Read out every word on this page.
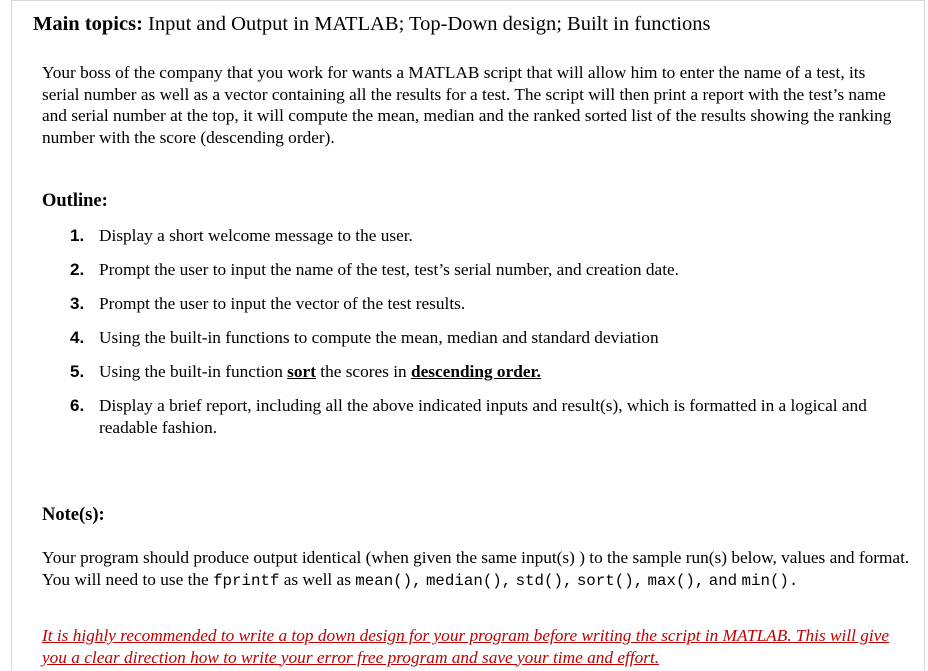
Main topics: Input and Output in MATLAB; Top-Down design; Built in functions
Your boss of the company that you work for wants a MATLAB script that will allow him to enter the name of a test, its serial number as well as a vector containing all the results for a test. The script will then print a report with the test’s name and serial number at the top, it will compute the mean, median and the ranked sorted list of the results showing the ranking number with the score (descending order).
Outline:
1. Display a short welcome message to the user.
2. Prompt the user to input the name of the test, test’s serial number, and creation date.
3. Prompt the user to input the vector of the test results.
4. Using the built-in functions to compute the mean, median and standard deviation
5. Using the built-in function sort the scores in descending order.
6. Display a brief report, including all the above indicated inputs and result(s), which is formatted in a logical and readable fashion.
Note(s):
Your program should produce output identical (when given the same input(s) ) to the sample run(s) below, values and format. You will need to use the fprintf as well as mean(), median(), std(), sort(), max(), and min().
It is highly recommended to write a top down design for your program before writing the script in MATLAB. This will give you a clear direction how to write your error free program and save your time and effort.
